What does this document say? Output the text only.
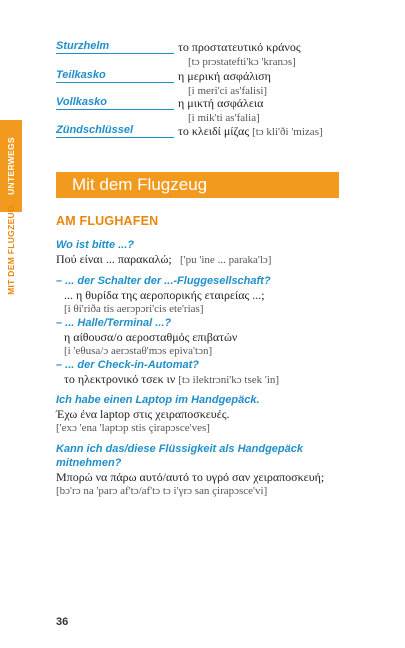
UNTERWEGS
MIT DEM FLUGZEUG
Sturzhelm	το προστατευτικό κράνος
[tɔ prɔstatefti'kɔ 'kranɔs]
Teilkasko	η μερική ασφάλιση
[i meri'ci as'falisi]
Vollkasko	η μικτή ασφάλεια
[i mik'ti as'falia]
Zündschlüssel	το κλειδί μίζας [tɔ kli'ði 'mizas]
Mit dem Flugzeug
AM FLUGHAFEN
Wo ist bitte ...?
Πού είναι ... παρακαλώ; ['pu 'ine ... paraka'lɔ]
– ... der Schalter der ...-Fluggesellschaft?
... η θυρίδα της αεροπορικής εταιρείας ...;
[i θi'riða tis aerɔpɔri'cis ete'rias]
– ... Halle/Terminal ...?
η αίθουσα/ο αεροσταθμός επιβατών
[i 'eθusa/ɔ aerɔstaθ'mɔs epiva'tɔn]
– ... der Check-in-Automat?
το ηλεκτρονικό τσεκ ιν [tɔ ilektrɔni'kɔ tsek 'in]
Ich habe einen Laptop im Handgepäck.
Έχω ένα laptop στις χειραποσκευές.
['exɔ 'ena 'laptɔp stis çirapɔsce'ves]
Kann ich das/diese Flüssigkeit als Handgepäck
mitnehmen?
Μπορώ να πάρω αυτό/αυτό το υγρό σαν χειραποσκευή;
[bɔ'rɔ na 'parɔ af'tɔ/af'tɔ tɔ i'γrɔ san çirapɔsce'vi]
36
